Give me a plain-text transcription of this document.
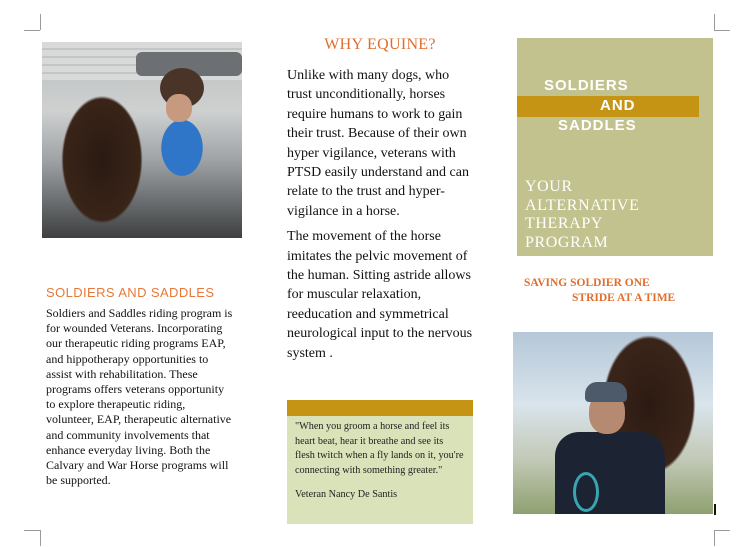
SOLDIERS AND SADDLES
Soldiers and Saddles riding program is for wounded Veterans. Incorporating our therapeutic riding programs EAP, and hippotherapy opportunities to assist with rehabilitation. These programs offers veterans opportunity to explore therapeutic riding, volunteer, EAP, therapeutic alternative and community involvements that enhance everyday living. Both the Calvary and War Horse programs will be supported.
WHY EQUINE?

Unlike with many dogs, who trust unconditionally, horses require humans to work to gain their trust. Because of their own hyper vigilance, veterans with PTSD easily understand and can relate to the trust and hyper- vigilance in a horse.

The movement of the horse imitates the pelvic movement of the human. Sitting astride allows for muscular relaxation, reeducation and symmetrical neurological input to the nervous system .

"When you groom a horse and feel its heart beat, hear it breathe and see its flesh twitch when a fly lands on it, you're connecting with something greater."
Veteran Nancy De Santis
SOLDIERS
AND
SADDLES
YOUR
ALTERNATIVE
THERAPY
PROGRAM
SAVING SOLDIER ONE
STRIDE AT A TIME
